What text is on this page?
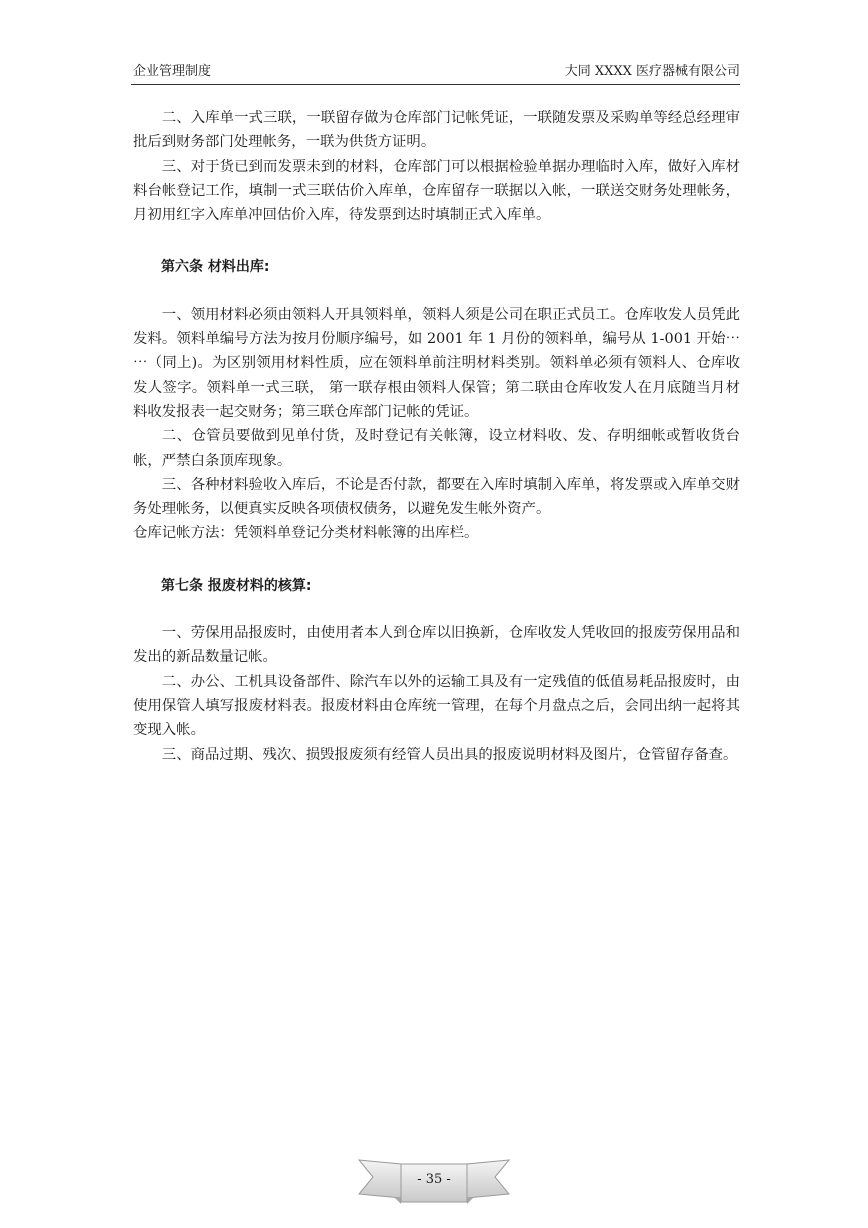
企业管理制度	大同 XXXX 医疗器械有限公司

二、入库单一式三联，一联留存做为仓库部门记帐凭证，一联随发票及采购单等经总经理审批后到财务部门处理帐务，一联为供货方证明。

三、对于货已到而发票未到的材料，仓库部门可以根据检验单据办理临时入库，做好入库材料台帐登记工作，填制一式三联估价入库单，仓库留存一联据以入帐，一联送交财务处理帐务，月初用红字入库单冲回估价入库，待发票到达时填制正式入库单。

第六条 材料出库:

一、领用材料必须由领料人开具领料单，领料人须是公司在职正式员工。仓库收发人员凭此发料。领料单编号方法为按月份顺序编号，如 2001 年 1 月份的领料单，编号从 1-001 开始⋯ ⋯（同上)。为区别领用材料性质，应在领料单前注明材料类别。领料单必须有领料人、仓库收发人签字。领料单一式三联， 第一联存根由领料人保管；第二联由仓库收发人在月底随当月材料收发报表一起交财务；第三联仓库部门记帐的凭证。

二、仓管员要做到见单付货，及时登记有关帐簿，设立材料收、发、存明细帐或暂收货台帐，严禁白条顶库现象。

三、各种材料验收入库后，不论是否付款，都要在入库时填制入库单，将发票或入库单交财务处理帐务，以便真实反映各项债权债务，以避免发生帐外资产。

仓库记帐方法：凭领料单登记分类材料帐簿的出库栏。

第七条 报废材料的核算:

一、劳保用品报废时，由使用者本人到仓库以旧换新，仓库收发人凭收回的报废劳保用品和发出的新品数量记帐。

二、办公、工机具设备部件、除汽车以外的运输工具及有一定残值的低值易耗品报废时，由使用保管人填写报废材料表。报废材料由仓库统一管理，在每个月盘点之后，会同出纳一起将其变现入帐。

三、商品过期、残次、损毁报废须有经管人员出具的报废说明材料及图片，仓管留存备查。

- 35 -
